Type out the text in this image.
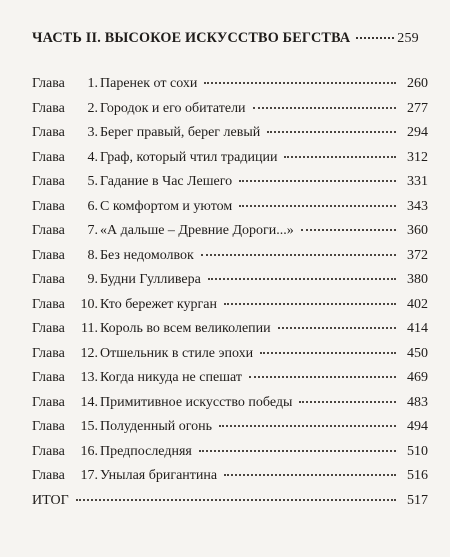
ЧАСТЬ II. ВЫСОКОЕ ИСКУССТВО БЕГСТВА	259
Глава	1. Паренек от сохи	260
Глава	2. Городок и его обитатели	277
Глава	3. Берег правый, берег левый	294
Глава	4. Граф, который чтил традиции	312
Глава	5. Гадание в Час Лешего	331
Глава	6. С комфортом и уютом	343
Глава	7. «А дальше – Древние Дороги...»	360
Глава	8. Без недомолвок	372
Глава	9. Будни Гулливера	380
Глава	10. Кто бережет курган	402
Глава	11. Король во всем великолепии	414
Глава	12. Отшельник в стиле эпохи	450
Глава	13. Когда никуда не спешат	469
Глава	14. Примитивное искусство победы	483
Глава	15. Полуденный огонь	494
Глава	16. Предпоследняя	510
Глава	17. Унылая бригантина	516
ИТОГ	517
